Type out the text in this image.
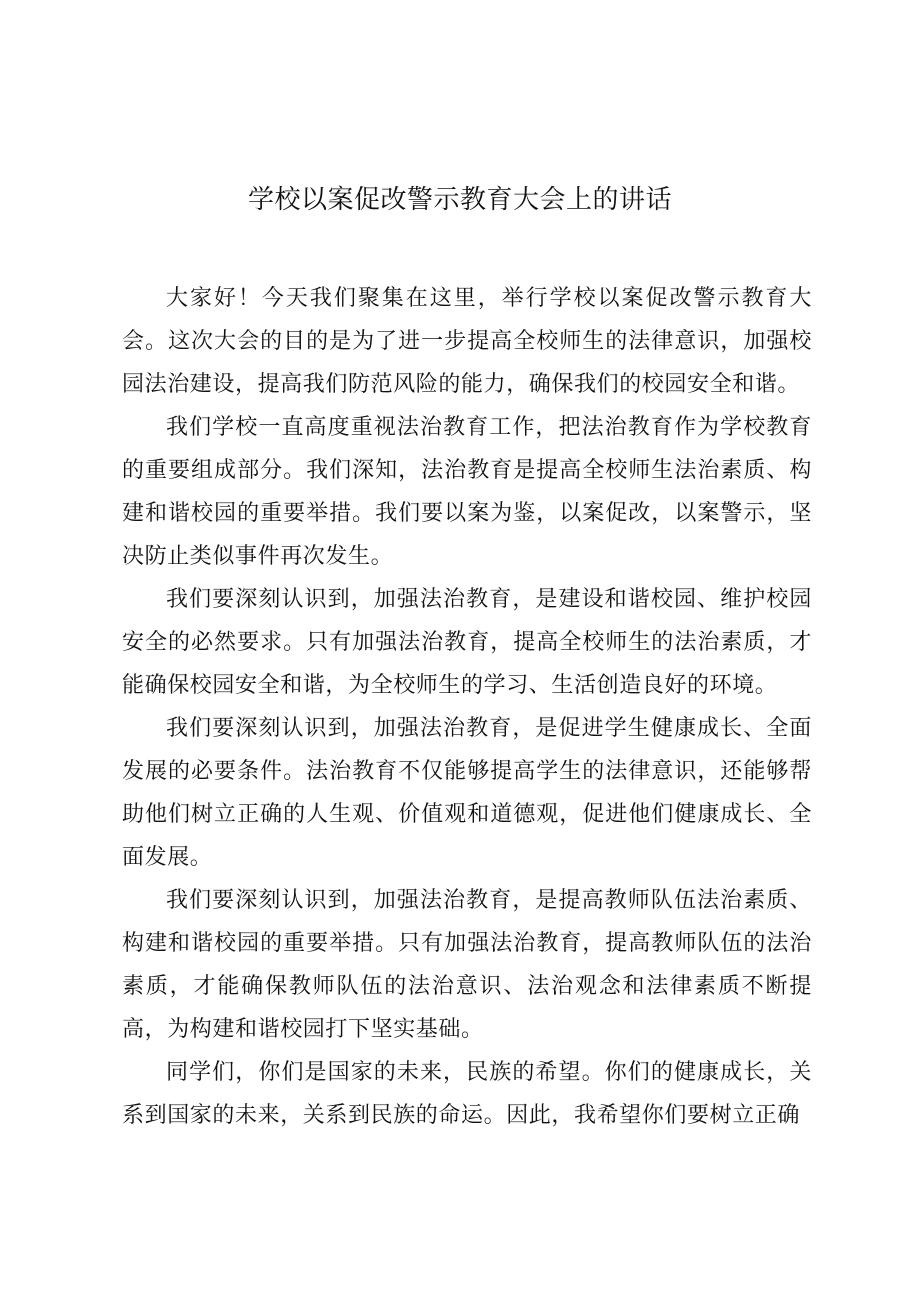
学校以案促改警示教育大会上的讲话

大家好！今天我们聚集在这里，举行学校以案促改警示教育大会。这次大会的目的是为了进一步提高全校师生的法律意识，加强校园法治建设，提高我们防范风险的能力，确保我们的校园安全和谐。

我们学校一直高度重视法治教育工作，把法治教育作为学校教育的重要组成部分。我们深知，法治教育是提高全校师生法治素质、构建和谐校园的重要举措。我们要以案为鉴，以案促改，以案警示，坚决防止类似事件再次发生。

我们要深刻认识到，加强法治教育，是建设和谐校园、维护校园安全的必然要求。只有加强法治教育，提高全校师生的法治素质，才能确保校园安全和谐，为全校师生的学习、生活创造良好的环境。

我们要深刻认识到，加强法治教育，是促进学生健康成长、全面发展的必要条件。法治教育不仅能够提高学生的法律意识，还能够帮助他们树立正确的人生观、价值观和道德观，促进他们健康成长、全面发展。

我们要深刻认识到，加强法治教育，是提高教师队伍法治素质、构建和谐校园的重要举措。只有加强法治教育，提高教师队伍的法治素质，才能确保教师队伍的法治意识、法治观念和法律素质不断提高，为构建和谐校园打下坚实基础。

同学们，你们是国家的未来，民族的希望。你们的健康成长，关系到国家的未来，关系到民族的命运。因此，我希望你们要树立正确
